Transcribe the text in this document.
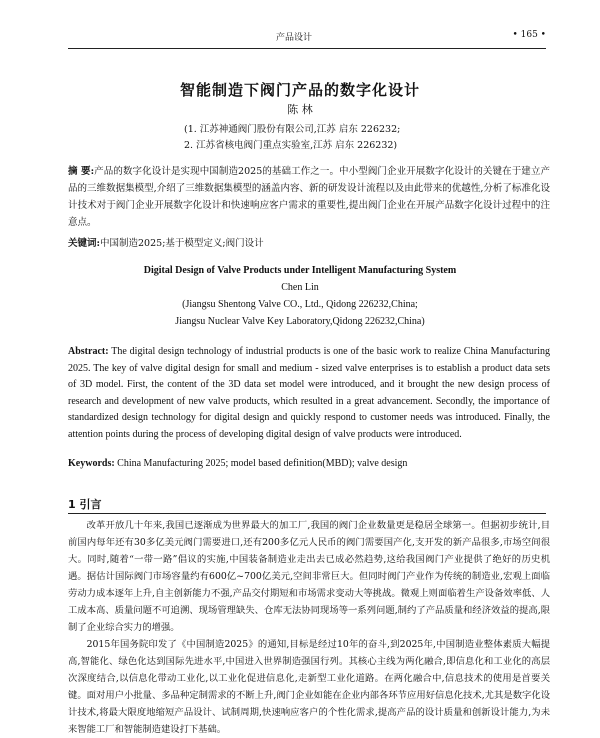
产品设计	• 165 •
智能制造下阀门产品的数字化设计
陈 林
(1. 江苏神通阀门股份有限公司,江苏 启东 226232;
2. 江苏省核电阀门重点实验室,江苏 启东 226232)
摘 要:产品的数字化设计是实现中国制造2025的基础工作之一。中小型阀门企业开展数字化设计的关键在于建立产品的三维数据集模型,介绍了三维数据集模型的涵盖内容、新的研发设计流程以及由此带来的优越性,分析了标准化设计技术对于阀门企业开展数字化设计和快速响应客户需求的重要性,提出阀门企业在开展产品数字化设计过程中的注意点。
关键词:中国制造2025;基于模型定义;阀门设计
Digital Design of Valve Products under Intelligent Manufacturing System
Chen Lin
(Jiangsu Shentong Valve CO., Ltd., Qidong 226232,China;
Jiangsu Nuclear Valve Key Laboratory,Qidong 226232,China)
Abstract: The digital design technology of industrial products is one of the basic work to realize China Manufacturing 2025. The key of valve digital design for small and medium - sized valve enterprises is to establish a product data sets of 3D model. First, the content of the 3D data set model were introduced, and it brought the new design process of research and development of new valve products, which resulted in a great advancement. Secondly, the importance of standardized design technology for digital design and quickly respond to customer needs was introduced. Finally, the attention points during the process of developing digital design of valve products were introduced.
Keywords: China Manufacturing 2025; model based definition(MBD); valve design
1 引言

改革开放几十年来,我国已逐渐成为世界最大的加工厂,我国的阀门企业数量更是稳居全球第一。但据初步统计,目前国内每年还有30多亿美元阀门需要进口,还有200多亿元人民币的阀门需要国产化,支开发的新产品很多,市场空间很大。同时,随着“一带一路”倡议的实施,中国装备制造业走出去已成必然趋势,这给我国阀门产业提供了绝好的历史机遇。据估计国际阀门市场容量约有600亿~700亿美元,空间非常巨大。但同时阀门产业作为传统的制造业,宏观上面临劳动力成本逐年上升,自主创新能力不强,产品交付期短和市场需求变动大等挑战。微观上则面临着生产设备效率低、人工成本高、质量问题不可追溯、现场管理缺失、仓库无法协同现场等一系列问题,制约了产品质量和经济效益的提高,限制了企业综合实力的增强。

2015年国务院印发了《中国制造2025》的通知,目标是经过10年的奋斗,到2025年,中国制造业整体素质大幅提高,智能化、绿色化达到国际先进水平,中国进入世界制造强国行列。其核心主线为两化融合,即信息化和工业化的高层次深度结合,以信息化带动工业化,以工业化促进信息化,走新型工业化道路。在两化融合中,信息技术的使用是首要关键。面对用户小批量、多品种定制需求的不断上升,阀门企业如能在企业内部各环节应用好信息化技术,尤其是数字化设计技术,将最大限度地缩短产品设计、试制周期,快速响应客户的个性化需求,提高产品的设计质量和创新设计能力,为未来智能工厂和智能制造建设打下基础。
